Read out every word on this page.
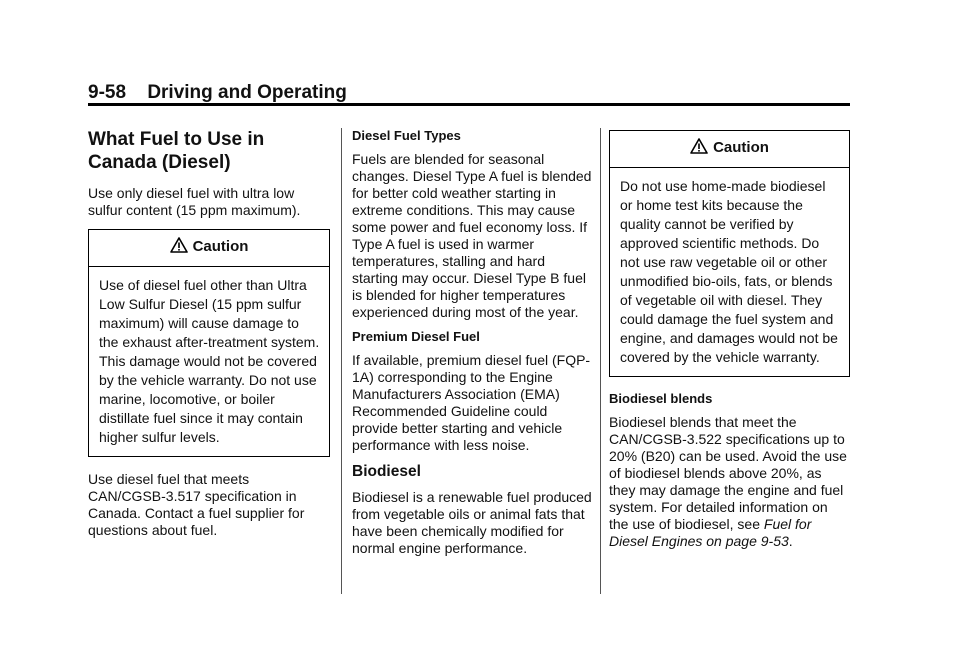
9-58 Driving and Operating
What Fuel to Use in
Canada (Diesel)

Use only diesel fuel with ultra low sulfur content (15 ppm maximum).

Caution
Use of diesel fuel other than Ultra Low Sulfur Diesel (15 ppm sulfur maximum) will cause damage to the exhaust after-treatment system. This damage would not be covered by the vehicle warranty. Do not use marine, locomotive, or boiler distillate fuel since it may contain higher sulfur levels.

Use diesel fuel that meets CAN/CGSB-3.517 specification in Canada. Contact a fuel supplier for questions about fuel.

Diesel Fuel Types

Fuels are blended for seasonal changes. Diesel Type A fuel is blended for better cold weather starting in extreme conditions. This may cause some power and fuel economy loss. If Type A fuel is used in warmer temperatures, stalling and hard starting may occur. Diesel Type B fuel is blended for higher temperatures experienced during most of the year.

Premium Diesel Fuel

If available, premium diesel fuel (FQP-1A) corresponding to the Engine Manufacturers Association (EMA) Recommended Guideline could provide better starting and vehicle performance with less noise.

Biodiesel

Biodiesel is a renewable fuel produced from vegetable oils or animal fats that have been chemically modified for normal engine performance.

Caution
Do not use home-made biodiesel or home test kits because the quality cannot be verified by approved scientific methods. Do not use raw vegetable oil or other unmodified bio-oils, fats, or blends of vegetable oil with diesel. They could damage the fuel system and engine, and damages would not be covered by the vehicle warranty.
Biodiesel blends

Biodiesel blends that meet the CAN/CGSB-3.522 specifications up to 20% (B20) can be used. Avoid the use of biodiesel blends above 20%, as they may damage the engine and fuel system. For detailed information on the use of biodiesel, see Fuel for Diesel Engines on page 9-53.
